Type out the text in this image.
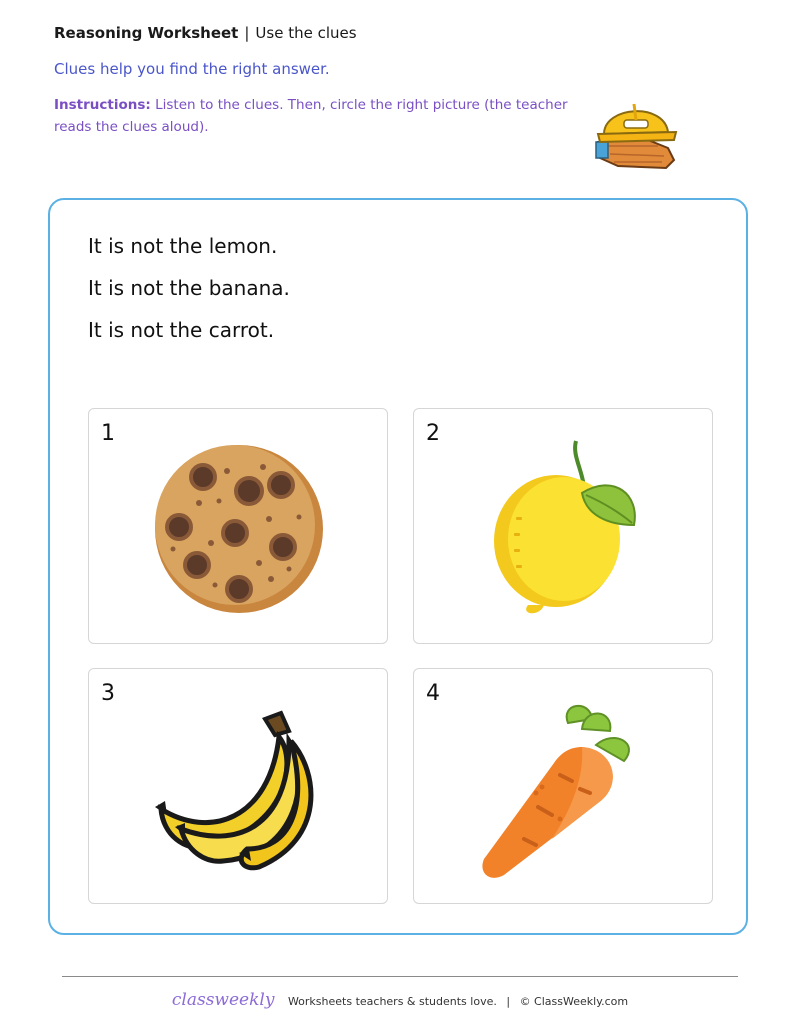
Reasoning Worksheet | Use the clues
Clues help you find the right answer.
Instructions: Listen to the clues. Then, circle the right picture (the teacher reads the clues aloud).
It is not the lemon.
It is not the banana.
It is not the carrot.
1	2
3	4
classweekly Worksheets teachers & students love. | © ClassWeekly.com
